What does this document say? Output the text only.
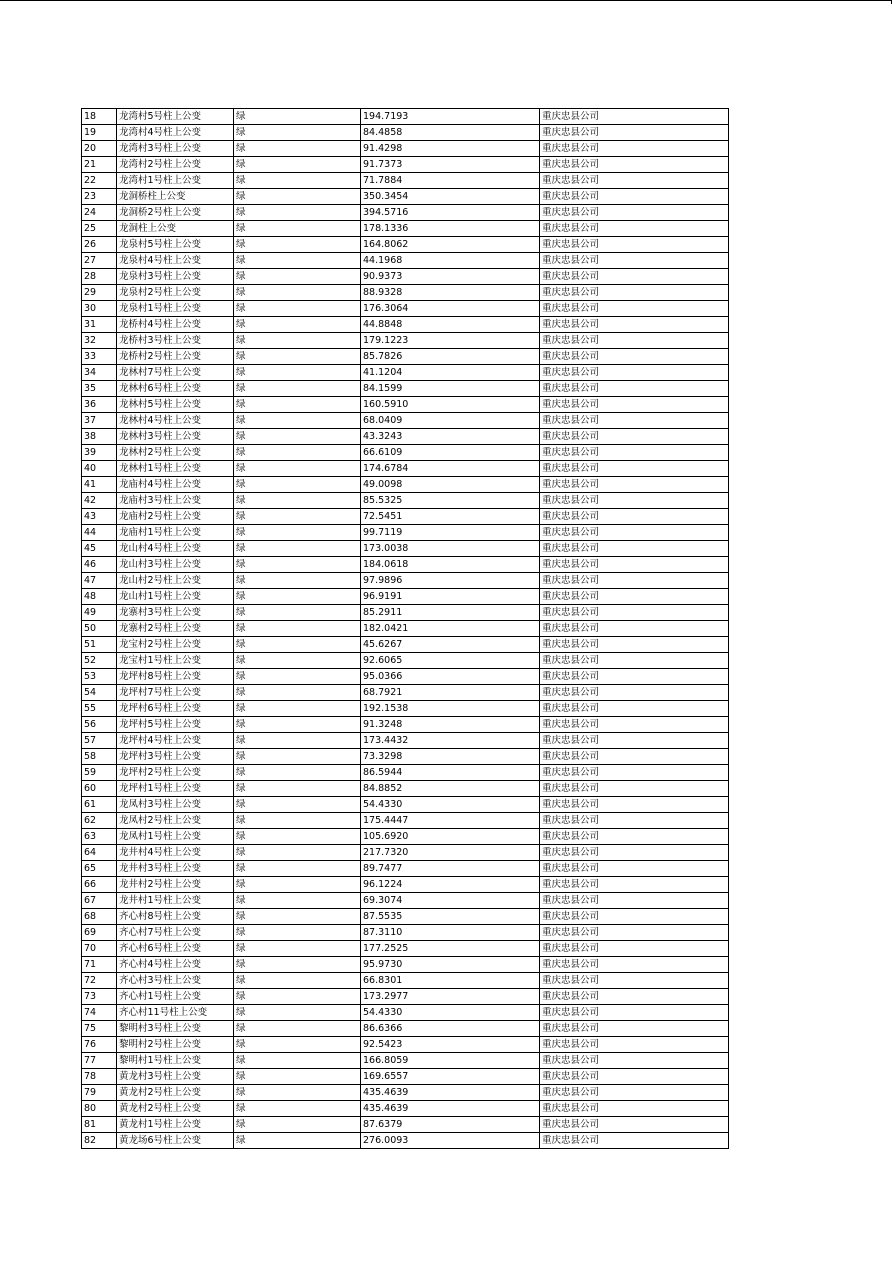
18	龙湾村5号柱上公变	绿	194.7193	重庆忠县公司
19	龙湾村4号柱上公变	绿	84.4858	重庆忠县公司
20	龙湾村3号柱上公变	绿	91.4298	重庆忠县公司
21	龙湾村2号柱上公变	绿	91.7373	重庆忠县公司
22	龙湾村1号柱上公变	绿	71.7884	重庆忠县公司
23	龙洞桥柱上公变	绿	350.3454	重庆忠县公司
24	龙洞桥2号柱上公变	绿	394.5716	重庆忠县公司
25	龙洞柱上公变	绿	178.1336	重庆忠县公司
26	龙泉村5号柱上公变	绿	164.8062	重庆忠县公司
27	龙泉村4号柱上公变	绿	44.1968	重庆忠县公司
28	龙泉村3号柱上公变	绿	90.9373	重庆忠县公司
29	龙泉村2号柱上公变	绿	88.9328	重庆忠县公司
30	龙泉村1号柱上公变	绿	176.3064	重庆忠县公司
31	龙桥村4号柱上公变	绿	44.8848	重庆忠县公司
32	龙桥村3号柱上公变	绿	179.1223	重庆忠县公司
33	龙桥村2号柱上公变	绿	85.7826	重庆忠县公司
34	龙林村7号柱上公变	绿	41.1204	重庆忠县公司
35	龙林村6号柱上公变	绿	84.1599	重庆忠县公司
36	龙林村5号柱上公变	绿	160.5910	重庆忠县公司
37	龙林村4号柱上公变	绿	68.0409	重庆忠县公司
38	龙林村3号柱上公变	绿	43.3243	重庆忠县公司
39	龙林村2号柱上公变	绿	66.6109	重庆忠县公司
40	龙林村1号柱上公变	绿	174.6784	重庆忠县公司
41	龙庙村4号柱上公变	绿	49.0098	重庆忠县公司
42	龙庙村3号柱上公变	绿	85.5325	重庆忠县公司
43	龙庙村2号柱上公变	绿	72.5451	重庆忠县公司
44	龙庙村1号柱上公变	绿	99.7119	重庆忠县公司
45	龙山村4号柱上公变	绿	173.0038	重庆忠县公司
46	龙山村3号柱上公变	绿	184.0618	重庆忠县公司
47	龙山村2号柱上公变	绿	97.9896	重庆忠县公司
48	龙山村1号柱上公变	绿	96.9191	重庆忠县公司
49	龙寨村3号柱上公变	绿	85.2911	重庆忠县公司
50	龙寨村2号柱上公变	绿	182.0421	重庆忠县公司
51	龙宝村2号柱上公变	绿	45.6267	重庆忠县公司
52	龙宝村1号柱上公变	绿	92.6065	重庆忠县公司
53	龙坪村8号柱上公变	绿	95.0366	重庆忠县公司
54	龙坪村7号柱上公变	绿	68.7921	重庆忠县公司
55	龙坪村6号柱上公变	绿	192.1538	重庆忠县公司
56	龙坪村5号柱上公变	绿	91.3248	重庆忠县公司
57	龙坪村4号柱上公变	绿	173.4432	重庆忠县公司
58	龙坪村3号柱上公变	绿	73.3298	重庆忠县公司
59	龙坪村2号柱上公变	绿	86.5944	重庆忠县公司
60	龙坪村1号柱上公变	绿	84.8852	重庆忠县公司
61	龙凤村3号柱上公变	绿	54.4330	重庆忠县公司
62	龙凤村2号柱上公变	绿	175.4447	重庆忠县公司
63	龙凤村1号柱上公变	绿	105.6920	重庆忠县公司
64	龙井村4号柱上公变	绿	217.7320	重庆忠县公司
65	龙井村3号柱上公变	绿	89.7477	重庆忠县公司
66	龙井村2号柱上公变	绿	96.1224	重庆忠县公司
67	龙井村1号柱上公变	绿	69.3074	重庆忠县公司
68	齐心村8号柱上公变	绿	87.5535	重庆忠县公司
69	齐心村7号柱上公变	绿	87.3110	重庆忠县公司
70	齐心村6号柱上公变	绿	177.2525	重庆忠县公司
71	齐心村4号柱上公变	绿	95.9730	重庆忠县公司
72	齐心村3号柱上公变	绿	66.8301	重庆忠县公司
73	齐心村1号柱上公变	绿	173.2977	重庆忠县公司
74	齐心村11号柱上公变	绿	54.4330	重庆忠县公司
75	黎明村3号柱上公变	绿	86.6366	重庆忠县公司
76	黎明村2号柱上公变	绿	92.5423	重庆忠县公司
77	黎明村1号柱上公变	绿	166.8059	重庆忠县公司
78	黄龙村3号柱上公变	绿	169.6557	重庆忠县公司
79	黄龙村2号柱上公变	绿	435.4639	重庆忠县公司
80	黄龙村2号柱上公变	绿	435.4639	重庆忠县公司
81	黄龙村1号柱上公变	绿	87.6379	重庆忠县公司
82	黄龙场6号柱上公变	绿	276.0093	重庆忠县公司
